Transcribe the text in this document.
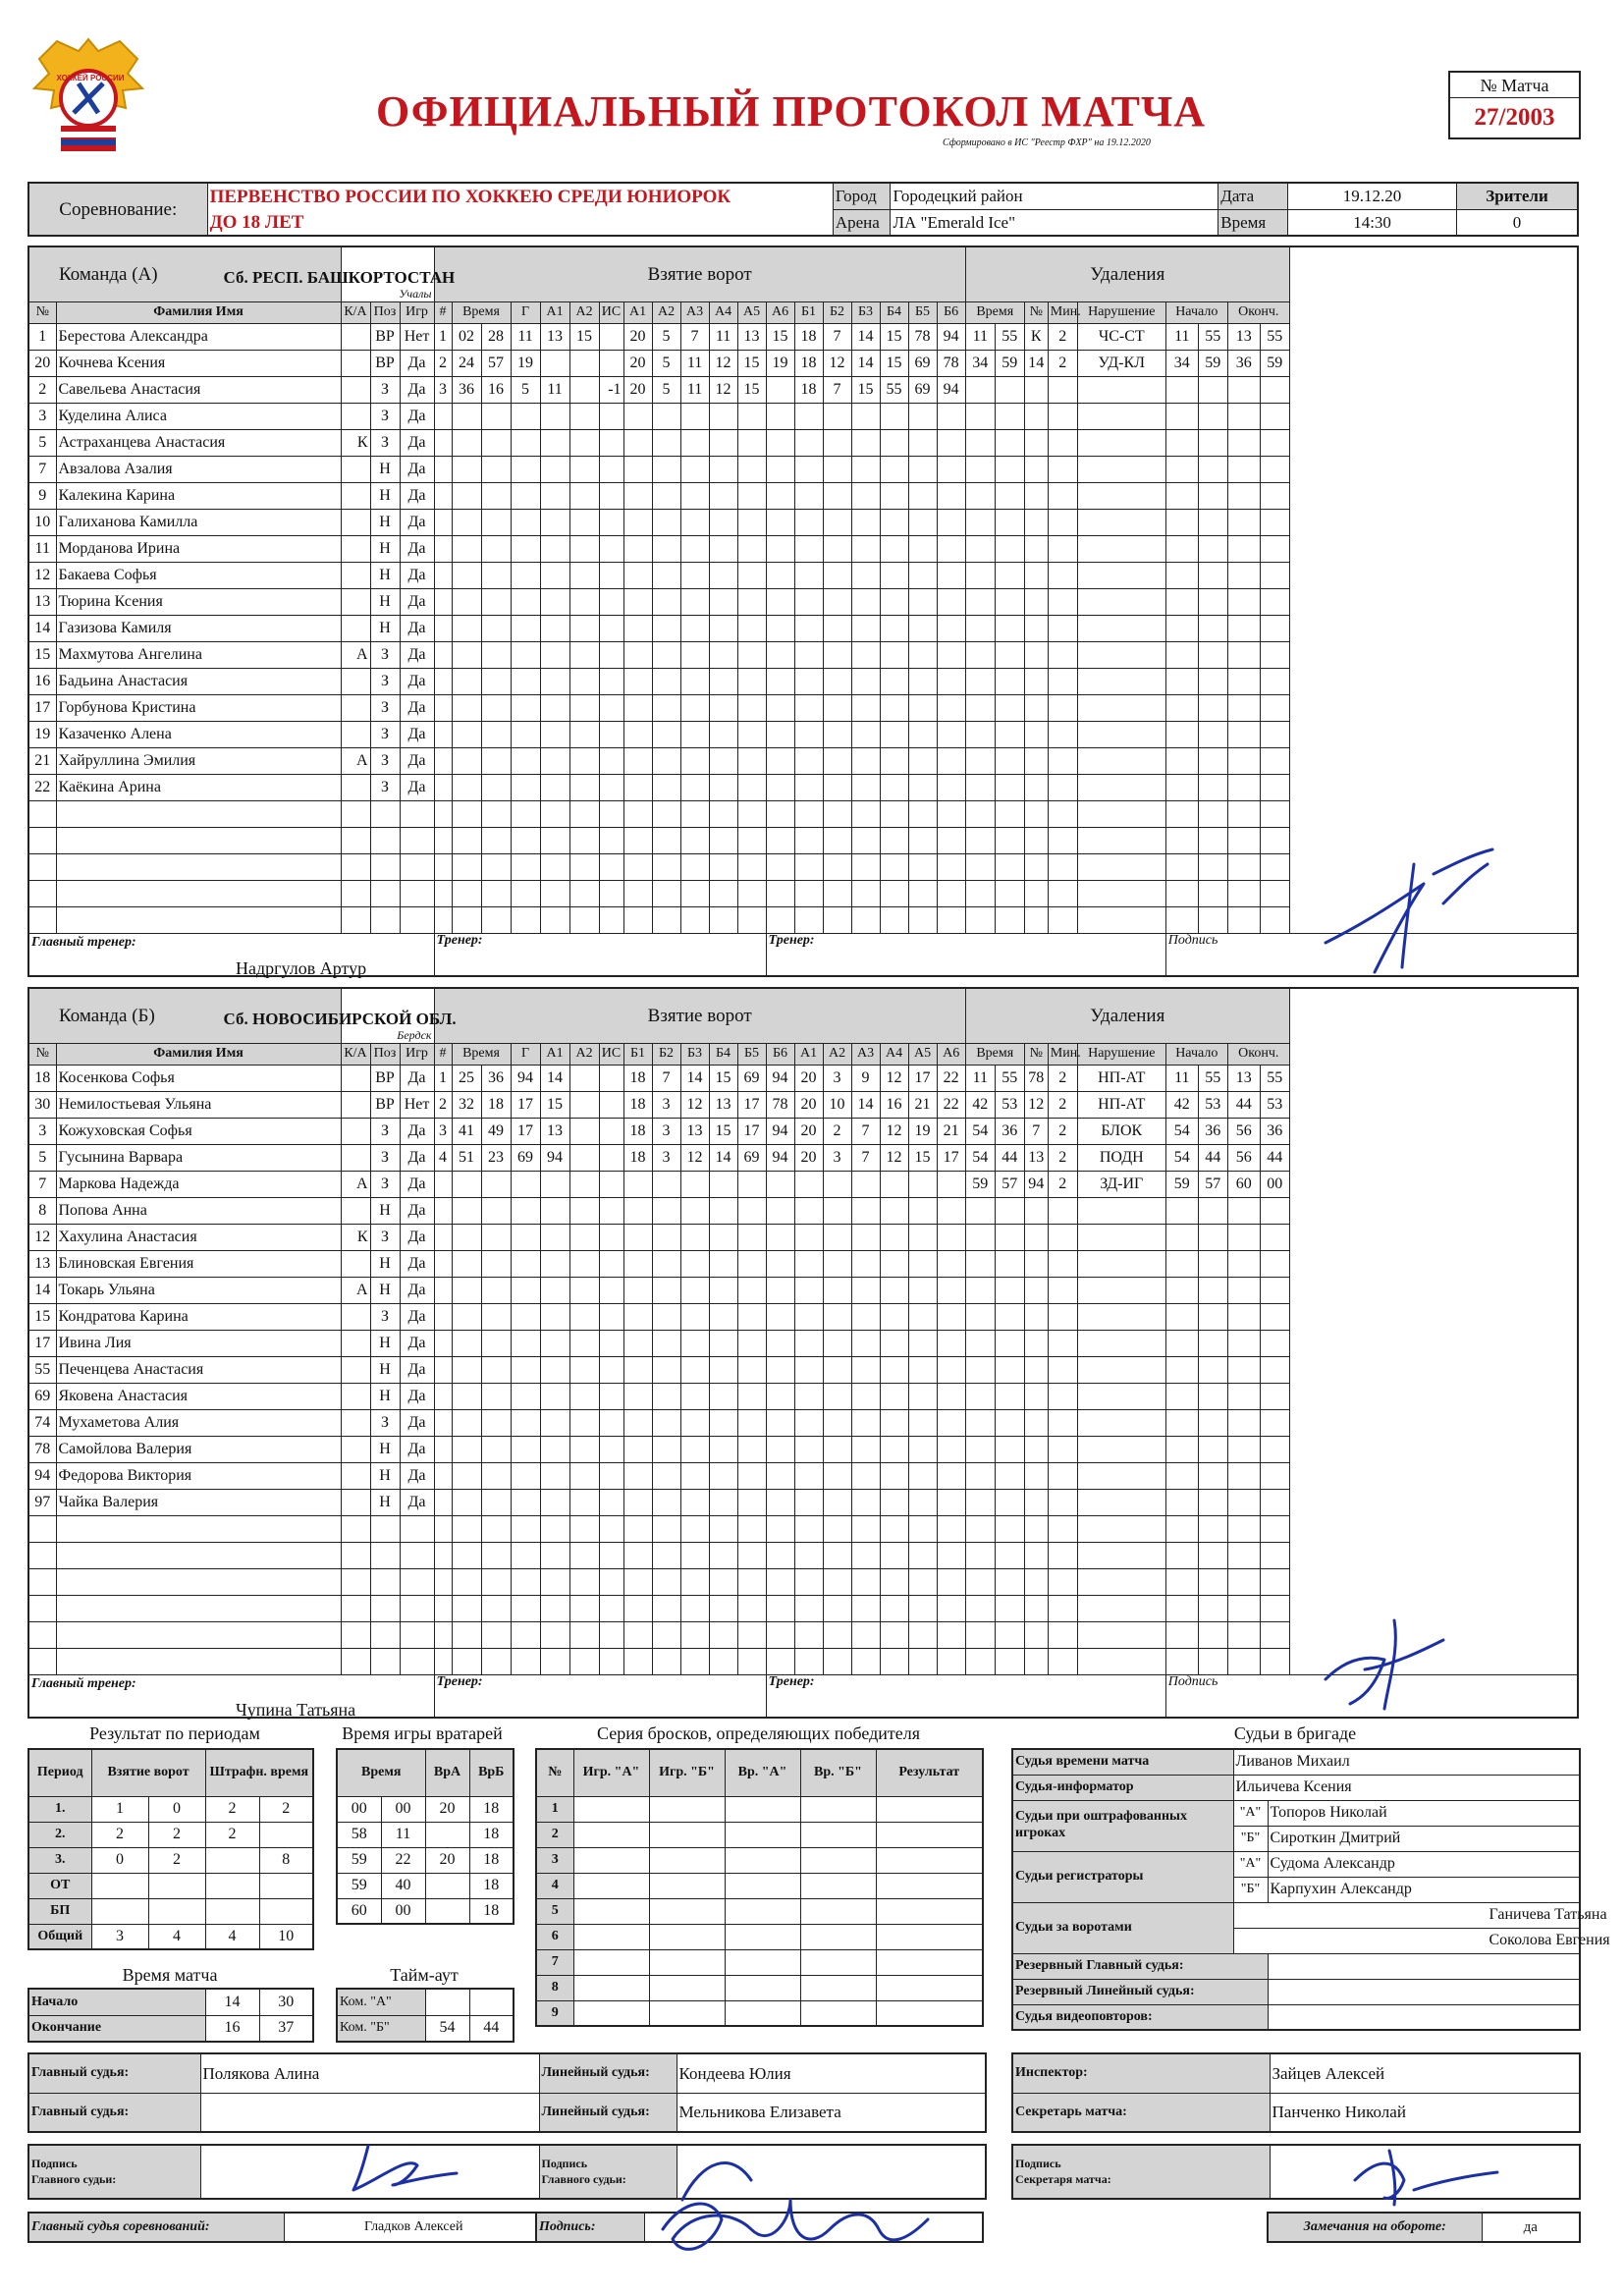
ХОККЕЙ РОССИИ
ОФИЦИАЛЬНЫЙ ПРОТОКОЛ МАТЧА
Сформировано в ИС "Реестр ФХР" на 19.12.2020
№ Матча
27/2003
Соревнование:	ПЕРВЕНСТВО РОССИИ ПО ХОККЕЮ СРЕДИ ЮНИОРОК	Город	Городецкий район	Дата	19.12.20	Зрители
	ДО 18 ЛЕТ	Арена	ЛА "Emerald Ice"	Время	14:30	0
Команда (А)		Сб. РЕСП. БАШКОРТОСТАН
Учалы			Взятие ворот																			Удаления								
№	Фамилия Имя	К/А	Поз	Игр	#	Время		Г	А1	А2	ИС	А1	А2	А3	А4	А5	А6	Б1	Б2	Б3	Б4	Б5	Б6	Время		№	Мин.	Нарушение	Начало		Оконч.	
1	Берестова Александра		ВР	Нет	1	02	28	11	13	15		20	5	7	11	13	15	18	7	14	15	78	94	11	55	К	2	ЧС-СТ	11	55	13	55
20	Кочнева Ксения		ВР	Да	2	24	57	19				20	5	11	12	15	19	18	12	14	15	69	78	34	59	14	2	УД-КЛ	34	59	36	59
2	Савельева Анастасия		З	Да	3	36	16	5	11		-1	20	5	11	12	15		18	7	15	55	69	94									
3	Куделина Алиса		З	Да																												
5	Астраханцева Анастасия	К	З	Да																												
7	Авзалова Азалия		Н	Да																												
9	Калекина Карина		Н	Да																												
10	Галиханова Камилла		Н	Да																												
11	Морданова Ирина		Н	Да																												
12	Бакаева Софья		Н	Да																												
13	Тюрина Ксения		Н	Да																												
14	Газизова Камиля		Н	Да																												
15	Махмутова Ангелина	А	З	Да																												
16	Бадьина Анастасия		З	Да																												
17	Горбунова Кристина		З	Да																												
19	Казаченко Алена		З	Да																												
21	Хайруллина Эмилия	А	З	Да																												
22	Каёкина Арина		З	Да																												

Главный тренер:
Надргулов Артур					Тренер:												Тренер:												Подпись			
Команда (Б)		Сб. НОВОСИБИРСКОЙ ОБЛ.
Бердск			Взятие ворот																			Удаления								
№	Фамилия Имя	К/А	Поз	Игр	#	Время		Г	А1	А2	ИС	Б1	Б2	Б3	Б4	Б5	Б6	А1	А2	А3	А4	А5	А6	Время		№	Мин.	Нарушение	Начало		Оконч.	
18	Косенкова Софья		ВР	Да	1	25	36	94	14			18	7	14	15	69	94	20	3	9	12	17	22	11	55	78	2	НП-АТ	11	55	13	55
30	Немилостьевая Ульяна		ВР	Нет	2	32	18	17	15			18	3	12	13	17	78	20	10	14	16	21	22	42	53	12	2	НП-АТ	42	53	44	53
3	Кожуховская Софья		З	Да	3	41	49	17	13			18	3	13	15	17	94	20	2	7	12	19	21	54	36	7	2	БЛОК	54	36	56	36
5	Гусынина Варвара		З	Да	4	51	23	69	94			18	3	12	14	69	94	20	3	7	12	15	17	54	44	13	2	ПОДН	54	44	56	44
7	Маркова Надежда	А	З	Да																				59	57	94	2	ЗД-ИГ	59	57	60	00
8	Попова Анна		Н	Да																												
12	Хахулина Анастасия	К	З	Да																												
13	Блиновская Евгения		Н	Да																												
14	Токарь Ульяна	А	Н	Да																												
15	Кондратова Карина		З	Да																												
17	Ивина Лия		Н	Да																												
55	Печенцева Анастасия		Н	Да																												
69	Яковена Анастасия		Н	Да																												
74	Мухаметова Алия		З	Да																												
78	Самойлова Валерия		Н	Да																												
94	Федорова Виктория		Н	Да																												
97	Чайка Валерия		Н	Да																												

Главный тренер:
Чупина Татьяна					Тренер:												Тренер:												Подпись			
Результат по периодам
Период	Взятие ворот		Штрафн. время	
1.	1	0	2	2
2.	2	2	2	
3.	0	2		8
ОТ				
БП				
Общий	3	4	4	10
Время игры вратарей
Время		ВрА	ВрБ
00	00	20	18
58	11		18
59	22	20	18
59	40		18
60	00		18
Время матча
Начало	14	30
Окончание	16	37
Тайм-аут
Ком. "А"		
Ком. "Б"	54	44
Серия бросков, определяющих победителя
№	Игр. "А"	Игр. "Б"	Вр. "А"	Вр. "Б"	Результат
1					
2					
3					
4					
5					
6					
7					
8					
9					
Судьи в бригаде
Судья времени матча	Ливанов Михаил	
Судья-информатор	Ильичева Ксения	
Судьи при оштрафованных игроках	"А"	Топоров Николай
	"Б"	Сироткин Дмитрий
Судьи регистраторы	"А"	Судома Александр
	"Б"	Карпухин Александр
Судьи за воротами	Ганичева Татьяна	
	Соколова Евгения	
Резервный Главный судья:		
Резервный Линейный судья:		
Судья видеоповторов:		
Главный судья:	Полякова Алина	Линейный судья:	Кондеева Юлия
Главный судья:		Линейный судья:	Мельникова Елизавета
Инспектор:	Зайцев Алексей
Секретарь матча:	Панченко Николай
Подпись
Главного судьи:

Подпись
Главного судьи:

Подпись
Секретаря матча:

Главный судья соревнований:	Гладков Алексей	Подпись:		Замечания на обороте:	да
